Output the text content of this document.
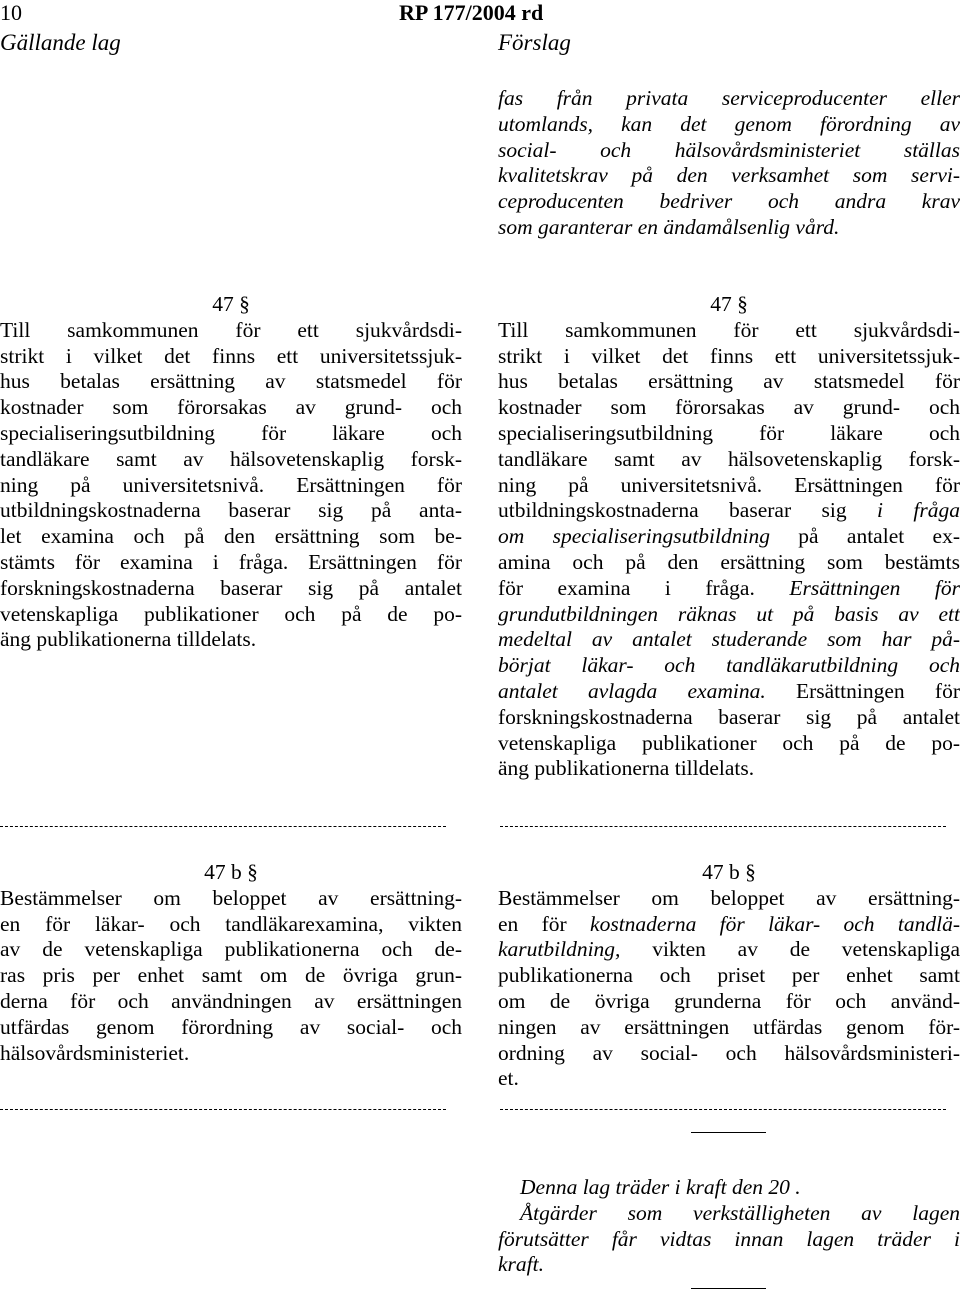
10	RP 177/2004 rd
Gällande lag	Förslag
fas från privata serviceproducenter eller
utomlands, kan det genom förordning av
social- och hälsovårdsministeriet ställas
kvalitetskrav på den verksamhet som servi-
ceproducenten bedriver och andra krav
som garanterar en ändamålsenlig vård.
47 §
Till samkommunen för ett sjukvårdsdi-
strikt i vilket det finns ett universitetssjuk-
hus betalas ersättning av statsmedel för
kostnader som förorsakas av grund- och
specialiseringsutbildning för läkare och
tandläkare samt av hälsovetenskaplig forsk-
ning på universitetsnivå. Ersättningen för
utbildningskostnaderna baserar sig på anta-
let examina och på den ersättning som be-
stämts för examina i fråga. Ersättningen för
forskningskostnaderna baserar sig på antalet
vetenskapliga publikationer och på de po-
äng publikationerna tilldelats.
47 §
Till samkommunen för ett sjukvårdsdi-
strikt i vilket det finns ett universitetssjuk-
hus betalas ersättning av statsmedel för
kostnader som förorsakas av grund- och
specialiseringsutbildning för läkare och
tandläkare samt av hälsovetenskaplig forsk-
ning på universitetsnivå. Ersättningen för
utbildningskostnaderna baserar sig i fråga
om specialiseringsutbildning på antalet ex-
amina och på den ersättning som bestämts
för examina i fråga. Ersättningen för
grundutbildningen räknas ut på basis av ett
medeltal av antalet studerande som har på-
börjat läkar- och tandläkarutbildning och
antalet avlagda examina. Ersättningen för
forskningskostnaderna baserar sig på antalet
vetenskapliga publikationer och på de po-
äng publikationerna tilldelats.
47 b §
Bestämmelser om beloppet av ersättning-
en för läkar- och tandläkarexamina, vikten
av de vetenskapliga publikationerna och de-
ras pris per enhet samt om de övriga grun-
derna för och användningen av ersättningen
utfärdas genom förordning av social- och
hälsovårdsministeriet.
47 b §
Bestämmelser om beloppet av ersättning-
en för kostnaderna för läkar- och tandlä-
karutbildning, vikten av de vetenskapliga
publikationerna och priset per enhet samt
om de övriga grunderna för och använd-
ningen av ersättningen utfärdas genom för-
ordning av social- och hälsovårdsministeri-
et.
Denna lag träder i kraft den 20 .
Åtgärder som verkställigheten av lagen
förutsätter får vidtas innan lagen träder i
kraft.
